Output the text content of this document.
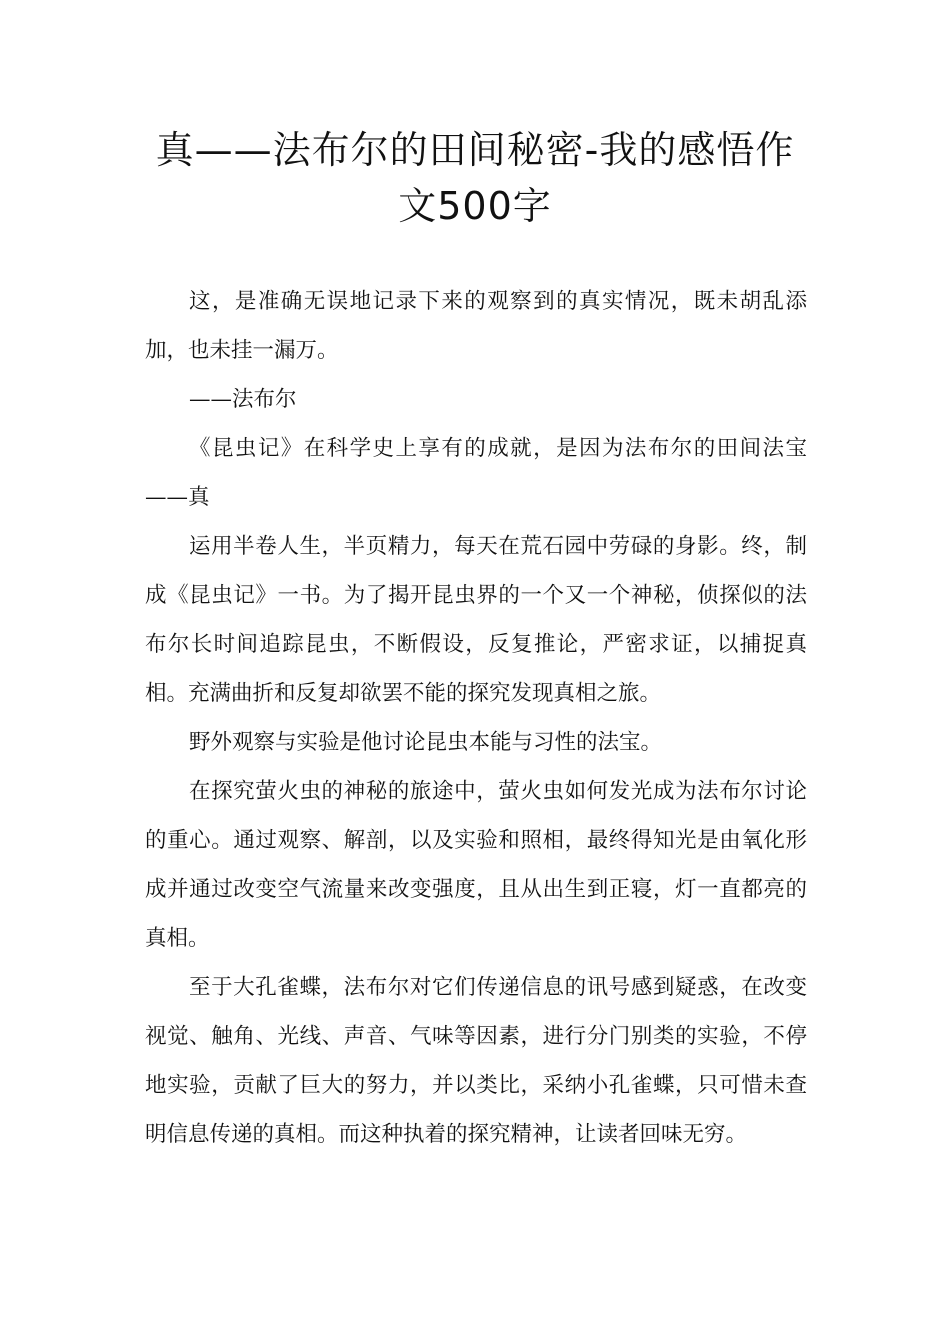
真——法布尔的田间秘密-我的感悟作
文500字

这，是准确无误地记录下来的观察到的真实情况，既未胡乱添加，也未挂一漏万。

——法布尔

《昆虫记》在科学史上享有的成就，是因为法布尔的田间法宝——真

运用半卷人生，半页精力，每天在荒石园中劳碌的身影。终，制成《昆虫记》一书。为了揭开昆虫界的一个又一个神秘，侦探似的法布尔长时间追踪昆虫，不断假设，反复推论，严密求证，以捕捉真相。充满曲折和反复却欲罢不能的探究发现真相之旅。

野外观察与实验是他讨论昆虫本能与习性的法宝。

在探究萤火虫的神秘的旅途中，萤火虫如何发光成为法布尔讨论的重心。通过观察、解剖，以及实验和照相，最终得知光是由氧化形成并通过改变空气流量来改变强度，且从出生到正寝，灯一直都亮的真相。

至于大孔雀蝶，法布尔对它们传递信息的讯号感到疑惑，在改变视觉、触角、光线、声音、气味等因素，进行分门别类的实验，不停地实验，贡献了巨大的努力，并以类比，采纳小孔雀蝶，只可惜未查明信息传递的真相。而这种执着的探究精神，让读者回味无穷。
